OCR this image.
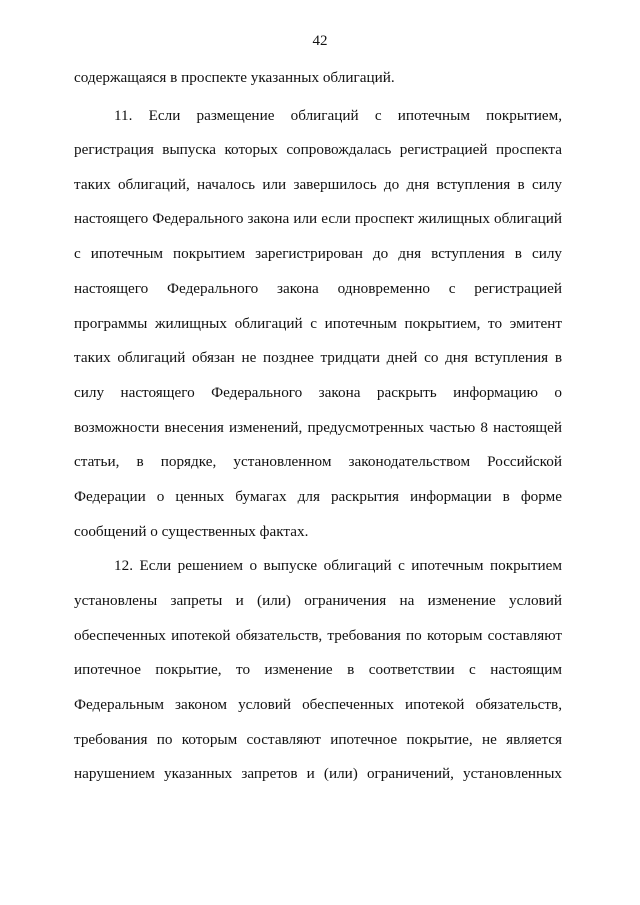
42
содержащаяся в проспекте указанных облигаций.
11. Если размещение облигаций с ипотечным покрытием,
регистрация выпуска которых сопровождалась регистрацией проспекта
таких облигаций, началось или завершилось до дня вступления в силу
настоящего Федерального закона или если проспект жилищных облигаций
с ипотечным покрытием зарегистрирован до дня вступления в силу
настоящего Федерального закона одновременно с регистрацией
программы жилищных облигаций с ипотечным покрытием, то эмитент
таких облигаций обязан не позднее тридцати дней со дня вступления в
силу настоящего Федерального закона раскрыть информацию о
возможности внесения изменений, предусмотренных частью 8 настоящей
статьи, в порядке, установленном законодательством Российской
Федерации о ценных бумагах для раскрытия информации в форме
сообщений о существенных фактах.
12. Если решением о выпуске облигаций с ипотечным покрытием
установлены запреты и (или) ограничения на изменение условий
обеспеченных ипотекой обязательств, требования по которым составляют
ипотечное покрытие, то изменение в соответствии с настоящим
Федеральным законом условий обеспеченных ипотекой обязательств,
требования по которым составляют ипотечное покрытие, не является
нарушением указанных запретов и (или) ограничений, установленных
